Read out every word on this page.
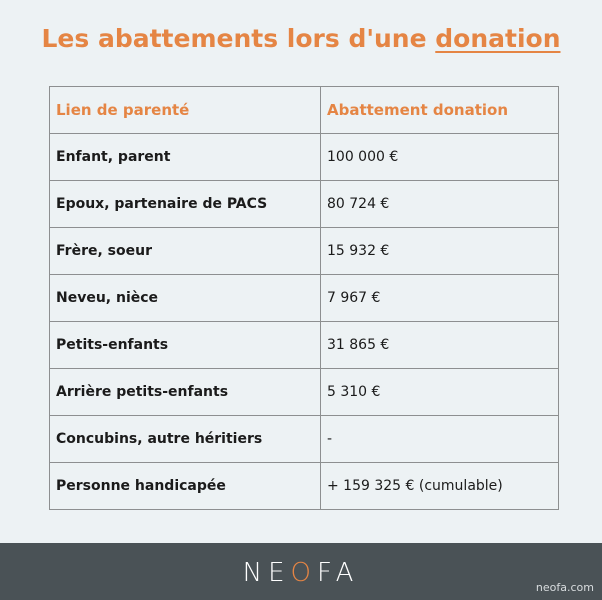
Les abattements lors d'une donation
Lien de parenté	Abattement donation
Enfant, parent	100 000 €
Epoux, partenaire de PACS	80 724 €
Frère, soeur	15 932 €
Neveu, nièce	7 967 €
Petits-enfants	31 865 €
Arrière petits-enfants	5 310 €
Concubins, autre héritiers	-
Personne handicapée	+ 159 325 € (cumulable)
NEOFA	neofa.com
